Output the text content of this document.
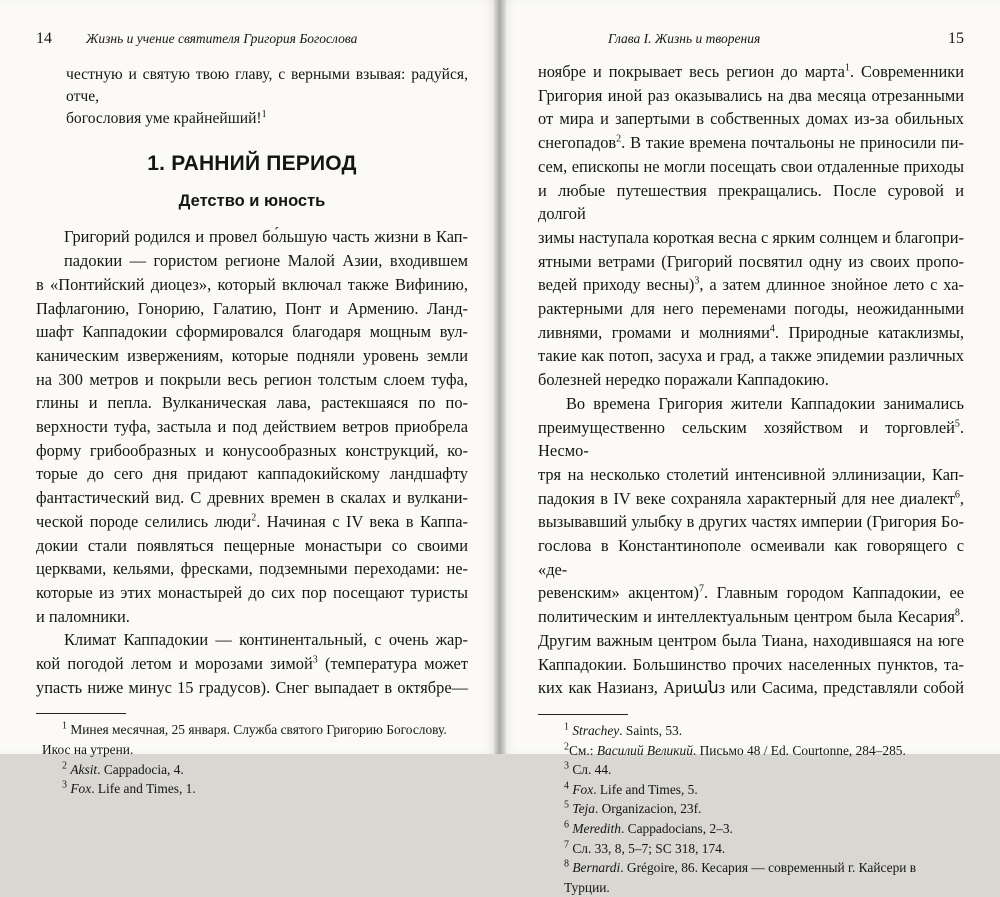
14	Жизнь и учение святителя Григория Богослова

честную и святую твою главу, с верными взывая: радуйся, отче,
богословия уме крайнейший!$^1$

1. РАННИЙ ПЕРИОД
Детство и юность

Григорий родился и провел бо́льшую часть жизни в Кап-
падокии — гористом регионе Малой Азии, входившем
в «Понтийский диоцез», который включал также Вифинию,
Пафлагонию, Гонорию, Галатию, Понт и Армению. Ланд-
шафт Каппадокии сформировался благодаря мощным вул-
каническим извержениям, которые подняли уровень земли
на 300 метров и покрыли весь регион толстым слоем туфа,
глины и пепла. Вулканическая лава, растекшаяся по по-
верхности туфа, застыла и под действием ветров приобрела
форму грибообразных и конусообразных конструкций, ко-
торые до сего дня придают каппадокийскому ландшафту
фантастический вид. С древних времен в скалах и вулкани-
ческой породе селились люди$^2$. Начиная с IV века в Каппа-
докии стали появляться пещерные монастыри со своими
церквами, кельями, фресками, подземными переходами: не-
которые из этих монастырей до сих пор посещают туристы
и паломники.

Климат Каппадокии — континентальный, с очень жар-
кой погодой летом и морозами зимой$^3$ (температура может
упасть ниже минус 15 градусов). Снег выпадает в октябре—

$^1$ Минея месячная, 25 января. Служба святого Григорию Богослову.

Икос на утрени.

$^2$ Aksit. Cappadocia, 4.

$^3$ Fox. Life and Times, 1.

Глава I. Жизнь и творения	15

ноябре и покрывает весь регион до марта$^1$. Современники
Григория иной раз оказывались на два месяца отрезанными
от мира и запертыми в собственных домах из-за обильных
снегопадов$^2$. В такие времена почтальоны не приносили пи-
сем, епископы не могли посещать свои отдаленные приходы
и любые путешествия прекращались. После суровой и долгой
зимы наступала короткая весна с ярким солнцем и благопри-
ятными ветрами (Григорий посвятил одну из своих пропо-
ведей приходу весны)$^3$, а затем длинное знойное лето с ха-
рактерными для него переменами погоды, неожиданными
ливнями, громами и молниями$^4$. Природные катаклизмы,
такие как потоп, засуха и град, а также эпидемии различных
болезней нередко поражали Каппадокию.

Во времена Григория жители Каппадокии занимались
преимущественно сельским хозяйством и торговлей$^5$. Несмо-
тря на несколько столетий интенсивной эллинизации, Кап-
падокия в IV веке сохраняла характерный для нее диалект$^6$,
вызывавший улыбку в других частях империи (Григория Бо-
гослова в Константинополе осмеивали как говорящего с «де-
ревенским» акцентом)$^7$. Главным городом Каппадокии, ее
политическим и интеллектуальным центром была Кесария$^8$.
Другим важным центром была Тиана, находившаяся на юге
Каппадокии. Большинство прочих населенных пунктов, та-
ких как Назианз, Ариանз или Сасима, представляли собой

$^1$ Strachey. Saints, 53.

$^2$См.: Василий Великий. Письмо 48 / Ed. Courtonne, 284–285.

$^3$ Сл. 44.

$^4$ Fox. Life and Times, 5.

$^5$ Teja. Organizacion, 23f.

$^6$ Meredith. Cappadocians, 2–3.

$^7$ Сл. 33, 8, 5–7; SC 318, 174.

$^8$ Bernardi. Grégoire, 86. Кесария — современный г. Кайсери в Турции.
